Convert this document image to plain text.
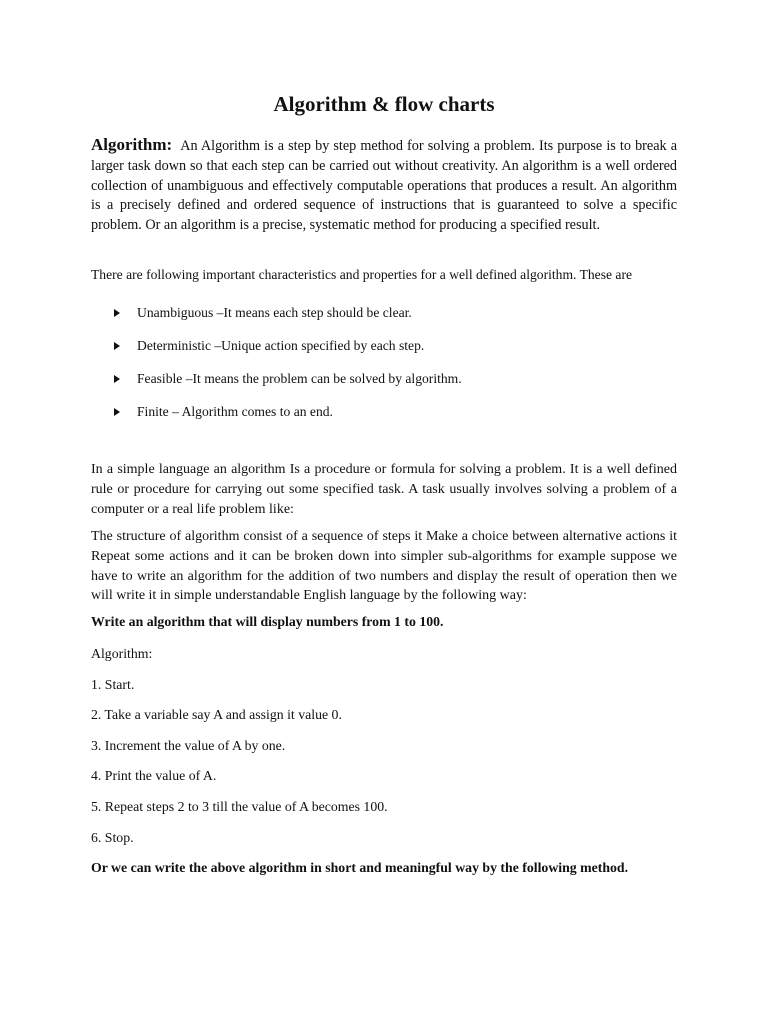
Algorithm & flow charts

Algorithm: An Algorithm is a step by step method for solving a problem. Its purpose is to break a larger task down so that each step can be carried out without creativity. An algorithm is a well ordered collection of unambiguous and effectively computable operations that produces a result. An algorithm is a precisely defined and ordered sequence of instructions that is guaranteed to solve a specific problem. Or an algorithm is a precise, systematic method for producing a specified result.

There are following important characteristics and properties for a well defined algorithm. These are

Unambiguous –It means each step should be clear.
Deterministic –Unique action specified by each step.
Feasible –It means the problem can be solved by algorithm.
Finite – Algorithm comes to an end.

In a simple language an algorithm Is a procedure or formula for solving a problem. It is a well defined rule or procedure for carrying out some specified task. A task usually involves solving a problem of a computer or a real life problem like:

The structure of algorithm consist of a sequence of steps it Make a choice between alternative actions it Repeat some actions and it can be broken down into simpler sub-algorithms for example suppose we have to write an algorithm for the addition of two numbers and display the result of operation then we will write it in simple understandable English language by the following way:

Write an algorithm that will display numbers from 1 to 100.

Algorithm:

1. Start.

2. Take a variable say A and assign it value 0.

3. Increment the value of A by one.

4. Print the value of A.

5. Repeat steps 2 to 3 till the value of A becomes 100.

6. Stop.

Or we can write the above algorithm in short and meaningful way by the following method.
